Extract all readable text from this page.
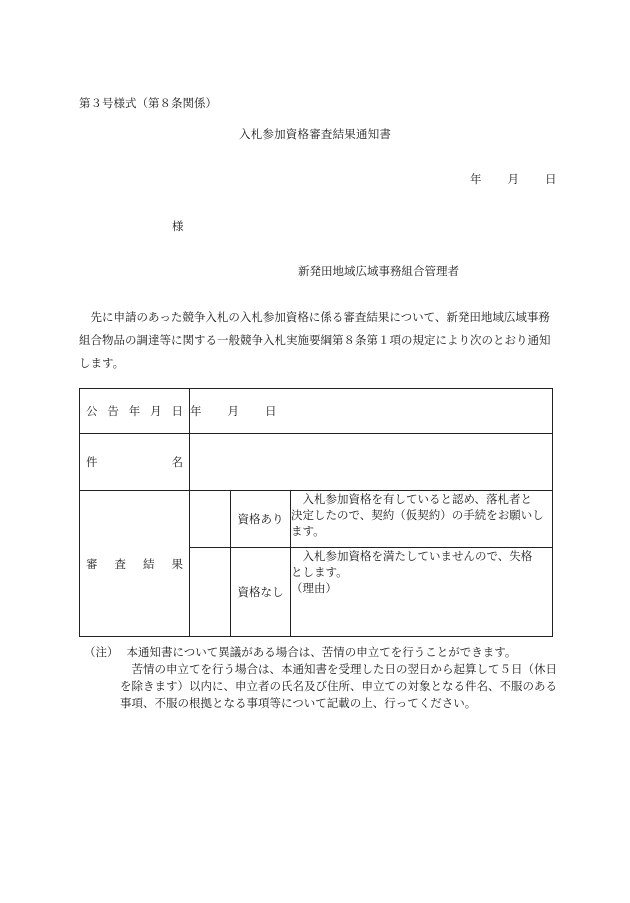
第３号様式（第８条関係）
入札参加資格審査結果通知書
年 月 日
様
新発田地域広域事務組合管理者
　先に申請のあった競争入札の入札参加資格に係る審査結果について、新発田地域広域事務
組合物品の調達等に関する一般競争入札実施要綱第８条第１項の規定により次のとおり通知
します。
公 告 年 月 日	年 月 日		

件 名			

審 査 結 果		資格あり	　入札参加資格を有していると認め、落札者と
決定したので、契約（仮契約）の手続をお願いし
ます。

		資格なし	　入札参加資格を満たしていませんので、失格
とします。
（理由）
（注） 本通知書について異議がある場合は、苦情の申立てを行うことができます。
　苦情の申立てを行う場合は、本通知書を受理した日の翌日から起算して５日（休日
を除きます）以内に、申立者の氏名及び住所、申立ての対象となる件名、不服のある
事項、不服の根拠となる事項等について記載の上、行ってください。
